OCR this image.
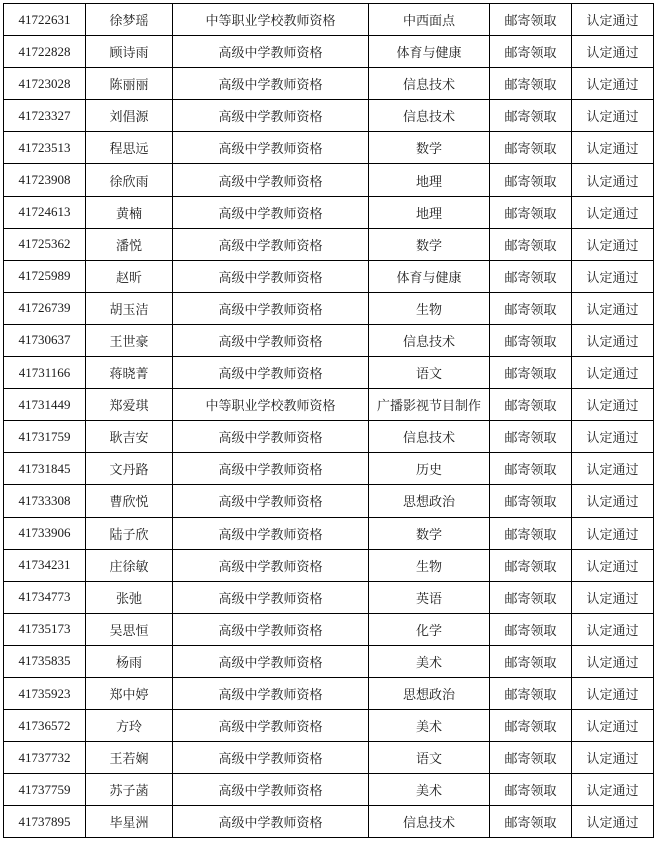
41722631	徐梦瑶	中等职业学校教师资格	中西面点	邮寄领取	认定通过
41722828	顾诗雨	高级中学教师资格	体育与健康	邮寄领取	认定通过
41723028	陈丽丽	高级中学教师资格	信息技术	邮寄领取	认定通过
41723327	刘倡源	高级中学教师资格	信息技术	邮寄领取	认定通过
41723513	程思远	高级中学教师资格	数学	邮寄领取	认定通过
41723908	徐欣雨	高级中学教师资格	地理	邮寄领取	认定通过
41724613	黄楠	高级中学教师资格	地理	邮寄领取	认定通过
41725362	潘悦	高级中学教师资格	数学	邮寄领取	认定通过
41725989	赵昕	高级中学教师资格	体育与健康	邮寄领取	认定通过
41726739	胡玉洁	高级中学教师资格	生物	邮寄领取	认定通过
41730637	王世豪	高级中学教师资格	信息技术	邮寄领取	认定通过
41731166	蒋晓菁	高级中学教师资格	语文	邮寄领取	认定通过
41731449	郑爱琪	中等职业学校教师资格	广播影视节目制作	邮寄领取	认定通过
41731759	耿吉安	高级中学教师资格	信息技术	邮寄领取	认定通过
41731845	文丹路	高级中学教师资格	历史	邮寄领取	认定通过
41733308	曹欣悦	高级中学教师资格	思想政治	邮寄领取	认定通过
41733906	陆子欣	高级中学教师资格	数学	邮寄领取	认定通过
41734231	庄徐敏	高级中学教师资格	生物	邮寄领取	认定通过
41734773	张弛	高级中学教师资格	英语	邮寄领取	认定通过
41735173	吴思恒	高级中学教师资格	化学	邮寄领取	认定通过
41735835	杨雨	高级中学教师资格	美术	邮寄领取	认定通过
41735923	郑中婷	高级中学教师资格	思想政治	邮寄领取	认定通过
41736572	方玲	高级中学教师资格	美术	邮寄领取	认定通过
41737732	王若娴	高级中学教师资格	语文	邮寄领取	认定通过
41737759	苏子菡	高级中学教师资格	美术	邮寄领取	认定通过
41737895	毕星洲	高级中学教师资格	信息技术	邮寄领取	认定通过
